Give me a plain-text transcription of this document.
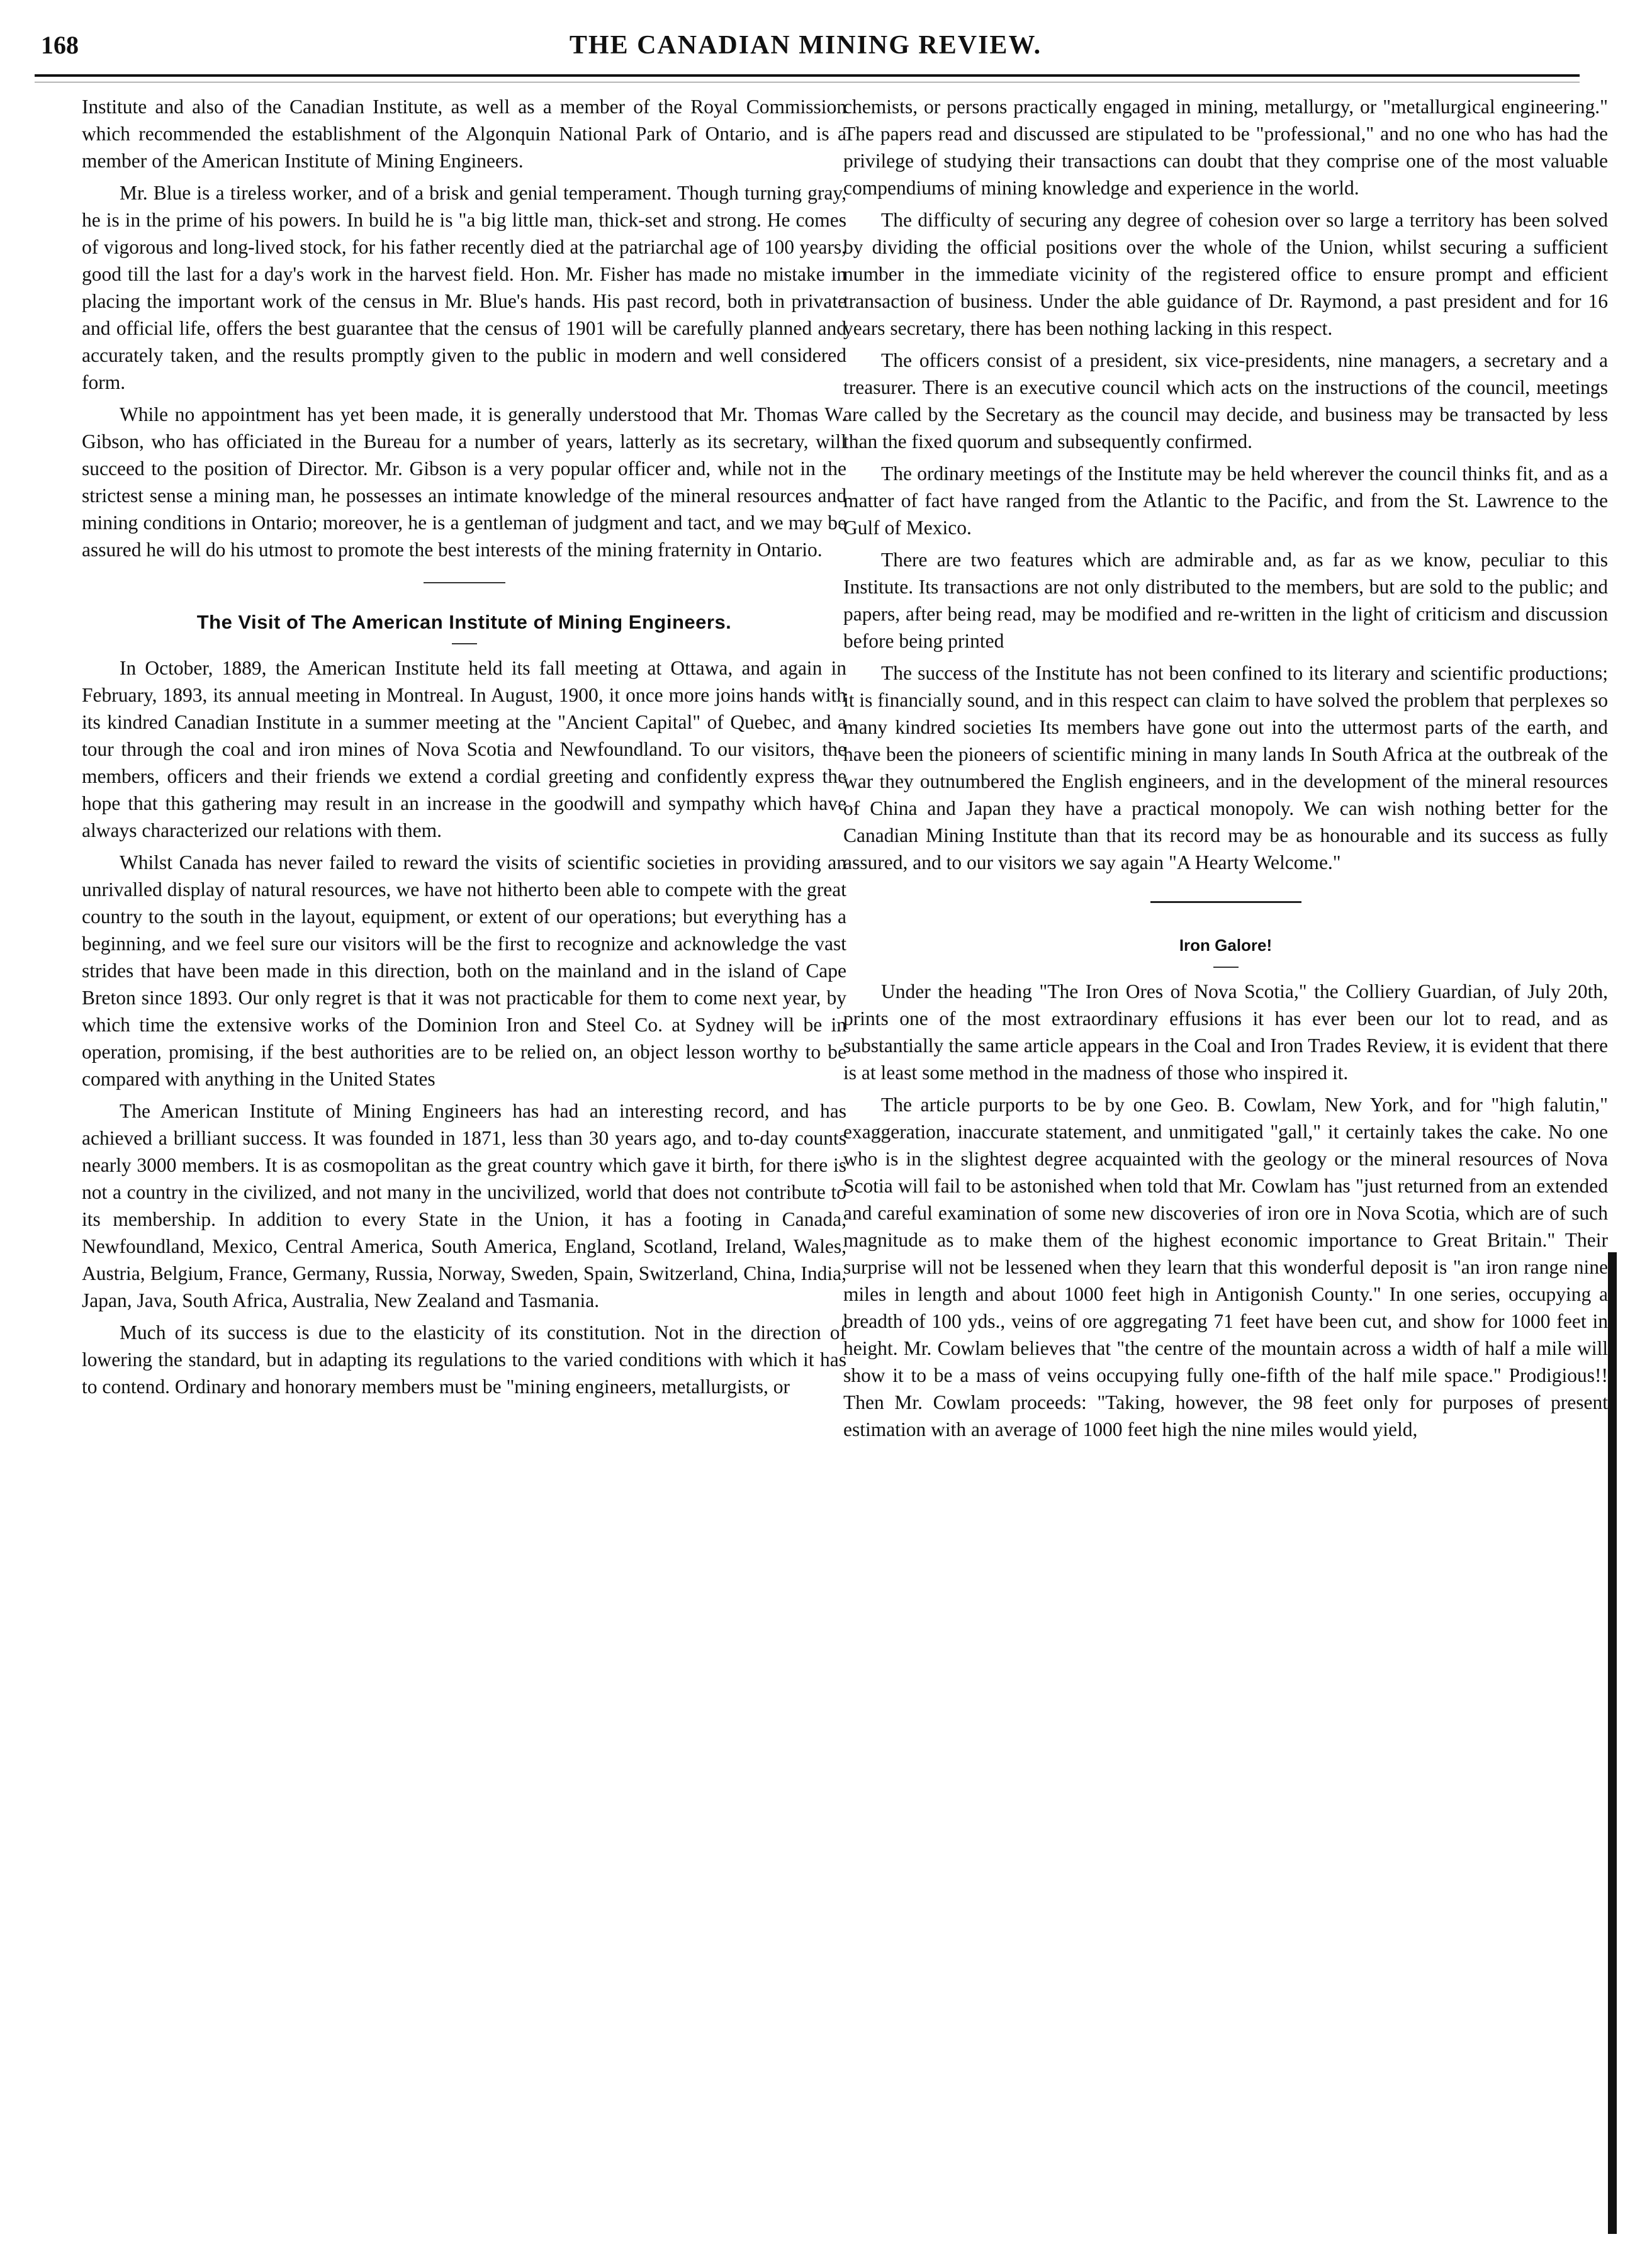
168	THE CANADIAN MINING REVIEW.

Institute and also of the Canadian Institute, as well as a member of the Royal Commission which recommended the establishment of the Algonquin National Park of Ontario, and is a member of the American Institute of Mining Engineers.

Mr. Blue is a tireless worker, and of a brisk and genial temperament. Though turning gray, he is in the prime of his powers. In build he is "a big little man, thick-set and strong. He comes of vigorous and long-lived stock, for his father recently died at the patriarchal age of 100 years, good till the last for a day's work in the harvest field. Hon. Mr. Fisher has made no mistake in placing the important work of the census in Mr. Blue's hands. His past record, both in private and official life, offers the best guarantee that the census of 1901 will be carefully planned and accurately taken, and the results promptly given to the public in modern and well considered form.

While no appointment has yet been made, it is generally understood that Mr. Thomas W. Gibson, who has officiated in the Bureau for a number of years, latterly as its secretary, will succeed to the position of Director. Mr. Gibson is a very popular officer and, while not in the strictest sense a mining man, he possesses an intimate knowledge of the mineral resources and mining conditions in Ontario; moreover, he is a gentleman of judgment and tact, and we may be assured he will do his utmost to promote the best interests of the mining fraternity in Ontario.

The Visit of The American Institute of Mining Engineers.

In October, 1889, the American Institute held its fall meeting at Ottawa, and again in February, 1893, its annual meeting in Montreal. In August, 1900, it once more joins hands with its kindred Canadian Institute in a summer meeting at the "Ancient Capital" of Quebec, and a tour through the coal and iron mines of Nova Scotia and Newfoundland. To our visitors, the members, officers and their friends we extend a cordial greeting and confidently express the hope that this gathering may result in an increase in the goodwill and sympathy which have always characterized our relations with them.

Whilst Canada has never failed to reward the visits of scientific societies in providing an unrivalled display of natural resources, we have not hitherto been able to compete with the great country to the south in the layout, equipment, or extent of our operations; but everything has a beginning, and we feel sure our visitors will be the first to recognize and acknowledge the vast strides that have been made in this direction, both on the mainland and in the island of Cape Breton since 1893. Our only regret is that it was not practicable for them to come next year, by which time the extensive works of the Dominion Iron and Steel Co. at Sydney will be in operation, promising, if the best authorities are to be relied on, an object lesson worthy to be compared with anything in the United States

The American Institute of Mining Engineers has had an interesting record, and has achieved a brilliant success. It was founded in 1871, less than 30 years ago, and to-day counts nearly 3000 members. It is as cosmopolitan as the great country which gave it birth, for there is not a country in the civilized, and not many in the uncivilized, world that does not contribute to its membership. In addition to every State in the Union, it has a footing in Canada, Newfoundland, Mexico, Central America, South America, England, Scotland, Ireland, Wales, Austria, Belgium, France, Germany, Russia, Norway, Sweden, Spain, Switzerland, China, India, Japan, Java, South Africa, Australia, New Zealand and Tasmania.

Much of its success is due to the elasticity of its constitution. Not in the direction of lowering the standard, but in adapting its regulations to the varied conditions with which it has to contend. Ordinary and honorary members must be "mining engineers, metallurgists, or

chemists, or persons practically engaged in mining, metallurgy, or "metallurgical engineering." The papers read and discussed are stipulated to be "professional," and no one who has had the privilege of studying their transactions can doubt that they comprise one of the most valuable compendiums of mining knowledge and experience in the world.

The difficulty of securing any degree of cohesion over so large a territory has been solved by dividing the official positions over the whole of the Union, whilst securing a sufficient number in the immediate vicinity of the registered office to ensure prompt and efficient transaction of business. Under the able guidance of Dr. Raymond, a past president and for 16 years secretary, there has been nothing lacking in this respect.

The officers consist of a president, six vice-presidents, nine managers, a secretary and a treasurer. There is an executive council which acts on the instructions of the council, meetings are called by the Secretary as the council may decide, and business may be transacted by less than the fixed quorum and subsequently confirmed.

The ordinary meetings of the Institute may be held wherever the council thinks fit, and as a matter of fact have ranged from the Atlantic to the Pacific, and from the St. Lawrence to the Gulf of Mexico.

There are two features which are admirable and, as far as we know, peculiar to this Institute. Its transactions are not only distributed to the members, but are sold to the public; and papers, after being read, may be modified and re-written in the light of criticism and discussion before being printed

The success of the Institute has not been confined to its literary and scientific productions; it is financially sound, and in this respect can claim to have solved the problem that perplexes so many kindred societies Its members have gone out into the uttermost parts of the earth, and have been the pioneers of scientific mining in many lands In South Africa at the outbreak of the war they outnumbered the English engineers, and in the development of the mineral resources of China and Japan they have a practical monopoly. We can wish nothing better for the Canadian Mining Institute than that its record may be as honourable and its success as fully assured, and to our visitors we say again "A Hearty Welcome."

Iron Galore!

Under the heading "The Iron Ores of Nova Scotia," the Colliery Guardian, of July 20th, prints one of the most extraordinary effusions it has ever been our lot to read, and as substantially the same article appears in the Coal and Iron Trades Review, it is evident that there is at least some method in the madness of those who inspired it.

The article purports to be by one Geo. B. Cowlam, New York, and for "high falutin," exaggeration, inaccurate statement, and unmitigated "gall," it certainly takes the cake. No one who is in the slightest degree acquainted with the geology or the mineral resources of Nova Scotia will fail to be astonished when told that Mr. Cowlam has "just returned from an extended and careful examination of some new discoveries of iron ore in Nova Scotia, which are of such magnitude as to make them of the highest economic importance to Great Britain." Their surprise will not be lessened when they learn that this wonderful deposit is "an iron range nine miles in length and about 1000 feet high in Antigonish County." In one series, occupying a breadth of 100 yds., veins of ore aggregating 71 feet have been cut, and show for 1000 feet in height. Mr. Cowlam believes that "the centre of the mountain across a width of half a mile will show it to be a mass of veins occupying fully one-fifth of the half mile space." Prodigious!! Then Mr. Cowlam proceeds: "Taking, however, the 98 feet only for purposes of present estimation with an average of 1000 feet high the nine miles would yield,
